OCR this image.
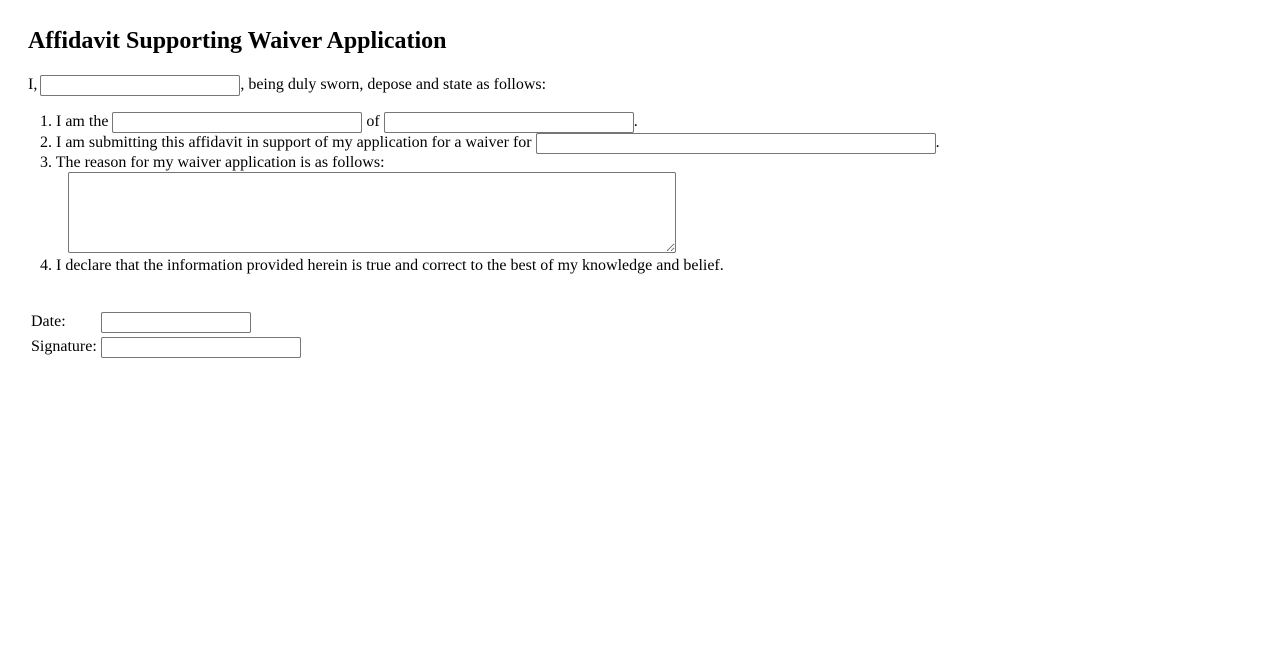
Affidavit Supporting Waiver Application
I,	, being duly sworn, depose and state as follows:
1. I am the	of	.
2. I am submitting this affidavit in support of my application for a waiver for	.
3. The reason for my waiver application is as follows:
4. I declare that the information provided herein is true and correct to the best of my knowledge and belief.
Date:
Signature:
